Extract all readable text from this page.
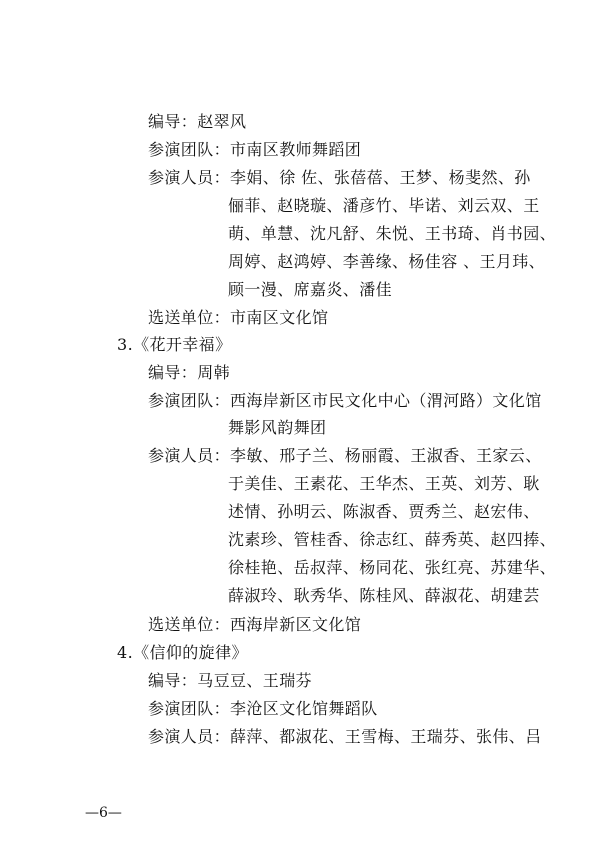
编导：赵翠风
参演团队：市南区教师舞蹈团
参演人员：李娟、徐 佐、张蓓蓓、王梦、杨斐然、孙
俪菲、赵晓璇、潘彦竹、毕诺、刘云双、王
萌、单慧、沈凡舒、朱悦、王书琦、肖书园、
周婷、赵鸿婷、李善缘、杨佳容 、王月玮、
顾一漫、席嘉炎、潘佳
选送单位：市南区文化馆
3.《花开幸福》
编导：周韩
参演团队：西海岸新区市民文化中心（渭河路）文化馆
舞影风韵舞团
参演人员：李敏、邢子兰、杨丽霞、王淑香、王家云、
于美佳、王素花、王华杰、王英、刘芳、耿
述情、孙明云、陈淑香、贾秀兰、赵宏伟、
沈素珍、管桂香、徐志红、薛秀英、赵四捧、
徐桂艳、岳叔萍、杨同花、张红亮、苏建华、
薛淑玲、耿秀华、陈桂风、薛淑花、胡建芸
选送单位：西海岸新区文化馆
4.《信仰的旋律》
编导：马豆豆、王瑞芬
参演团队：李沧区文化馆舞蹈队
参演人员：薛萍、都淑花、王雪梅、王瑞芬、张伟、吕
—6—
